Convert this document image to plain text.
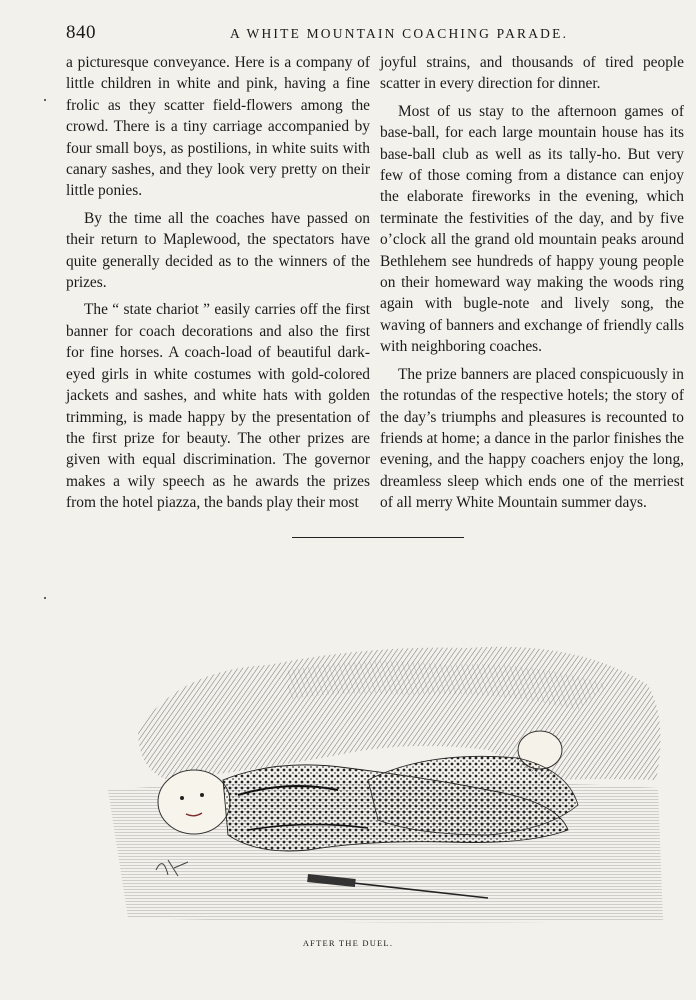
840	A WHITE MOUNTAIN COACHING PARADE.

a picturesque conveyance. Here is a company of little children in white and pink, having a fine frolic as they scatter field-flowers among the crowd. There is a tiny carriage accompanied by four small boys, as postilions, in white suits with canary sashes, and they look very pretty on their little ponies.

By the time all the coaches have passed on their return to Maplewood, the spectators have quite generally decided as to the winners of the prizes.

The “ state chariot ” easily carries off the first banner for coach decorations and also the first for fine horses. A coach-load of beautiful dark-eyed girls in white costumes with gold-colored jackets and sashes, and white hats with golden trimming, is made happy by the presentation of the first prize for beauty. The other prizes are given with equal discrimination. The governor makes a wily speech as he awards the prizes from the hotel piazza, the bands play their most

joyful strains, and thousands of tired people scatter in every direction for dinner.

Most of us stay to the afternoon games of base-ball, for each large mountain house has its base-ball club as well as its tally-ho. But very few of those coming from a distance can enjoy the elaborate fireworks in the evening, which terminate the festivities of the day, and by five o’clock all the grand old mountain peaks around Bethlehem see hundreds of happy young people on their homeward way making the woods ring again with bugle-note and lively song, the waving of banners and exchange of friendly calls with neighboring coaches.

The prize banners are placed conspicuously in the rotundas of the respective hotels; the story of the day’s triumphs and pleasures is recounted to friends at home; a dance in the parlor finishes the evening, and the happy coachers enjoy the long, dreamless sleep which ends one of the merriest of all merry White Mountain summer days.

AFTER THE DUEL.
